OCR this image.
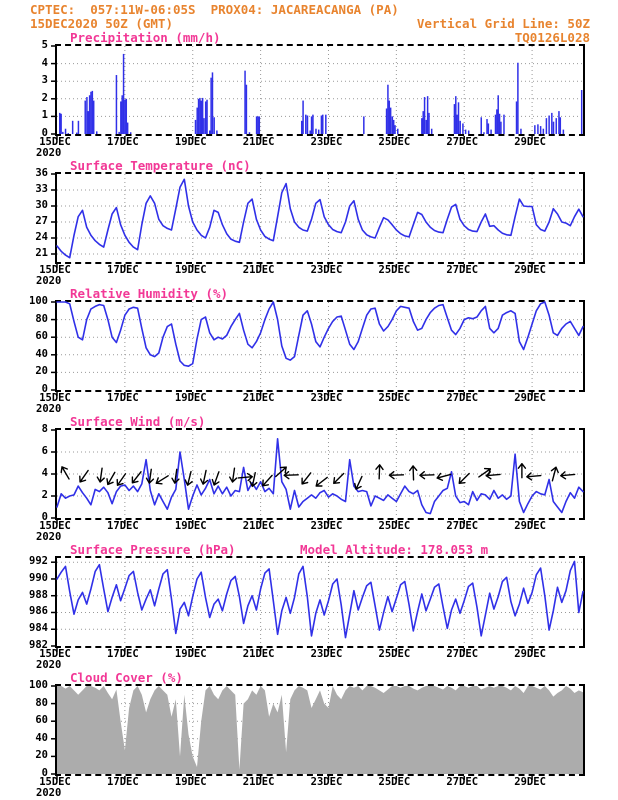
CPTEC:  057:11W-06:05S  PROX04: JACAREACANGA (PA)
15DEC2020 50Z (GMT)	Vertical Grid Line: 50Z
Precipitation (mm/h)	TQ0126L028
0
1
2
3
4
5
15DEC	17DEC	19DEC	21DEC	23DEC	25DEC	27DEC	29DEC
2020
Surface Temperature (nC)
21
24
27
30
33
36
15DEC	17DEC	19DEC	21DEC	23DEC	25DEC	27DEC	29DEC
2020
Relative Humidity (%)
0
20
40
60
80
100
15DEC	17DEC	19DEC	21DEC	23DEC	25DEC	27DEC	29DEC
2020
Surface Wind (m/s)
0
2
4
6
8
15DEC	17DEC	19DEC	21DEC	23DEC	25DEC	27DEC	29DEC
2020
Surface Pressure (hPa)	Model Altitude: 178.053 m
982
984
986
988
990
992
15DEC	17DEC	19DEC	21DEC	23DEC	25DEC	27DEC	29DEC
2020
Cloud Cover (%)
0
20
40
60
80
100
15DEC	17DEC	19DEC	21DEC	23DEC	25DEC	27DEC	29DEC
2020
